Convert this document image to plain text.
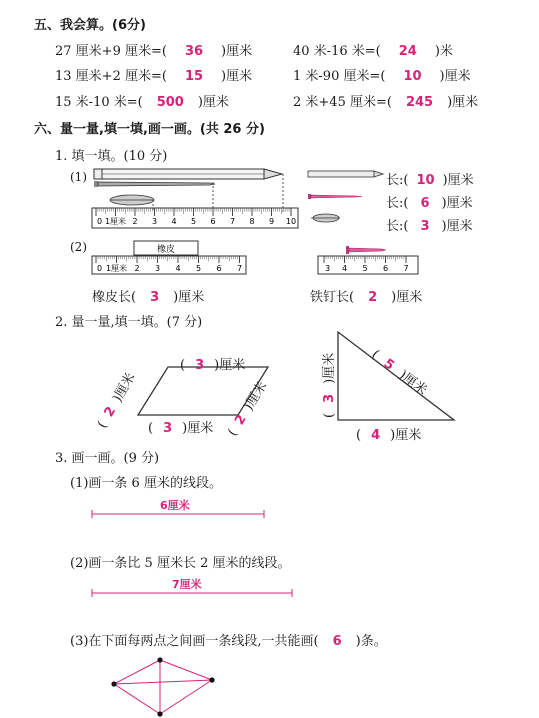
五、我会算。(6分)
27 厘米+9 厘米=( 36 )厘米	40 米-16 米=( 24 )米
13 厘米+2 厘米=( 15 )厘米	1 米-90 厘米=( 10 )厘米
15 米-10 米=( 500 )厘米	2 米+45 厘米=( 245 )厘米
六、量一量,填一填,画一画。(共 26 分)
1. 填一填。(10 分)
(1)
0 1厘米 2 3 4 5 6 7 8 9 10
长:( 10 )厘米
长:( 6 )厘米
长:( 3 )厘米
(2)	橡皮
0 1厘米 2 3 4 5 6 7	3 4 5 6 7
橡皮长( 3 )厘米	铁钉长( 2 )厘米
2. 量一量,填一填。(7 分)
( 3 )厘米
( 3 )厘米
(2)厘米
(2)厘米
(3)厘米 (5)厘米
( 4 )厘米
3. 画一画。(9 分)
(1)画一条 6 厘米的线段。
6厘米
(2)画一条比 5 厘米长 2 厘米的线段。
7厘米
(3)在下面每两点之间画一条线段,一共能画( 6 )条。
